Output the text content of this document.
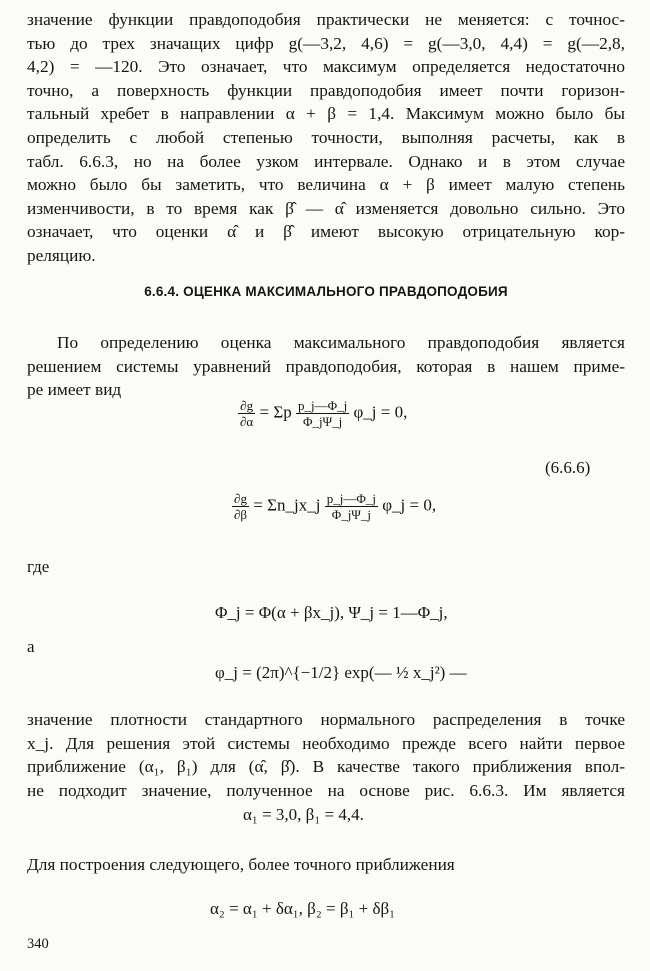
значение функции правдоподобия практически не меняется: с точнос-
тью до трех значащих цифр g(—3,2, 4,6) = g(—3,0, 4,4) = g(—2,8,
4,2) = —120. Это означает, что максимум определяется недостаточно
точно, а поверхность функции правдоподобия имеет почти горизон-
тальный хребет в направлении α + β = 1,4. Максимум можно было бы
определить с любой степенью точности, выполняя расчеты, как в
табл. 6.6.3, но на более узком интервале. Однако и в этом случае
можно было бы заметить, что величина α + β имеет малую степень
изменчивости, в то время как β̂ — α̂ изменяется довольно сильно. Это
означает, что оценки α̂ и β̂ имеют высокую отрицательную кор-
реляцию.
6.6.4. ОЦЕНКА МАКСИМАЛЬНОГО ПРАВДОПОДОБИЯ
По определению оценка максимального правдоподобия является
решением системы уравнений правдоподобия, которая в нашем приме-
ре имеет вид
$\frac{\partial g}{\partial\alpha} = \Sigma p \frac{p\_j—\Phi\_j}{\Phi\_j\Psi\_j}$ φ_j = 0,
(6.6.6)
$\frac{\partial g}{\partial\beta}$ = Σn_jx_j $\frac{p\_j—\Phi\_j}{\Phi\_j\Psi\_j}$ φ_j = 0,
где
Φ_j = Φ(α + βx_j), Ψ_j = 1—Φ_j,
а
φ_j = (2π)^{−1/2} exp(— ½ x_j²) —
значение плотности стандартного нормального распределения в точке
x_j. Для решения этой системы необходимо прежде всего найти первое
приближение (α₁, β₁) для (α̂, β̂). В качестве такого приближения впол-
не подходит значение, полученное на основе рис. 6.6.3. Им является
α₁ = 3,0, β₁ = 4,4.
Для построения следующего, более точного приближения
α₂ = α₁ + δα₁, β₂ = β₁ + δβ₁
340
